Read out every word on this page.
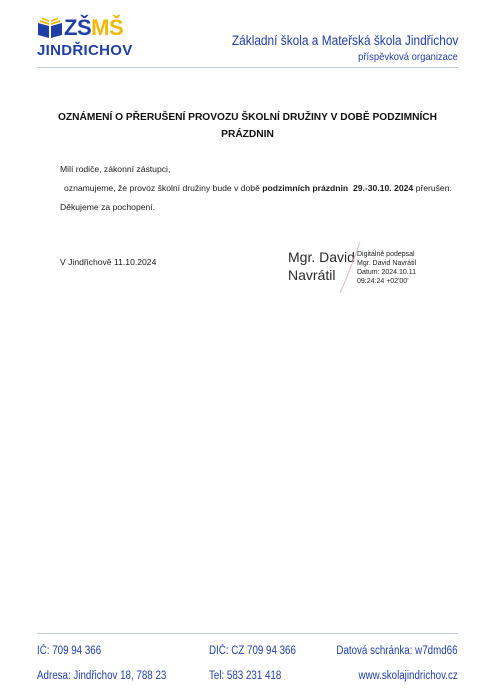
ZŠMŠ
JINDŘICHOV
Základní škola a Mateřská škola Jindřichov
příspěvková organizace
OZNÁMENÍ O PŘERUŠENÍ PROVOZU ŠKOLNÍ DRUŽINY V DOBĚ PODZIMNÍCH PRÁZDNIN
Milí rodiče, zákonní zástupci,
oznamujeme, že provoz školní družiny bude v době podzimních prázdnin 29.-30.10. 2024 přerušen.
Děkujeme za pochopení.
V Jindřichově 11.10.2024	Mgr. David
Navrátil
Digitálně podepsal
Mgr. David Navrátil
Datum: 2024.10.11
09:24:24 +02'00'
IČ: 709 94 366	DIČ: CZ 709 94 366	Datová schránka: w7dmd66
Adresa: Jindřichov 18, 788 23	Tel: 583 231 418	www.skolajindrichov.cz
